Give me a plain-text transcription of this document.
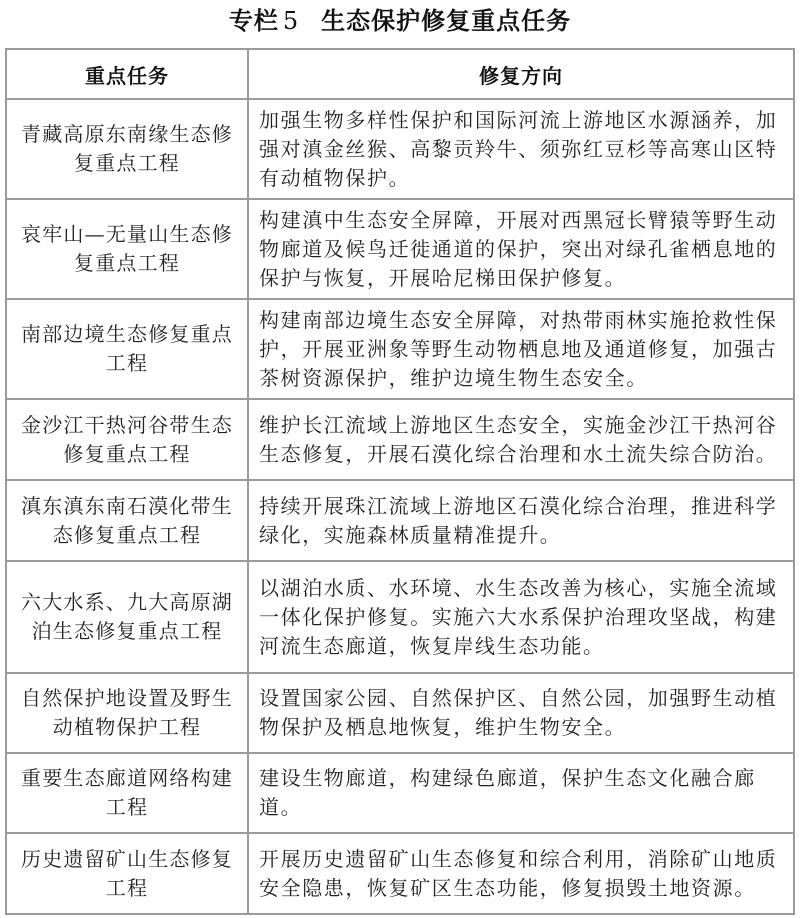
专栏 5 生态保护修复重点任务
重点任务	修复方向

青藏高原东南缘生态修
复重点工程	加强生物多样性保护和国际河流上游地区水源涵养，加
强对滇金丝猴、高黎贡羚牛、须弥红豆杉等高寒山区特
有动植物保护。

哀牢山—无量山生态修
复重点工程	构建滇中生态安全屏障，开展对西黑冠长臂猿等野生动
物廊道及候鸟迁徙通道的保护，突出对绿孔雀栖息地的
保护与恢复，开展哈尼梯田保护修复。

南部边境生态修复重点
工程	构建南部边境生态安全屏障，对热带雨林实施抢救性保
护，开展亚洲象等野生动物栖息地及通道修复，加强古
茶树资源保护，维护边境生物生态安全。

金沙江干热河谷带生态
修复重点工程	维护长江流域上游地区生态安全，实施金沙江干热河谷
生态修复，开展石漠化综合治理和水土流失综合防治。

滇东滇东南石漠化带生
态修复重点工程	持续开展珠江流域上游地区石漠化综合治理，推进科学
绿化，实施森林质量精准提升。

六大水系、九大高原湖
泊生态修复重点工程	以湖泊水质、水环境、水生态改善为核心，实施全流域
一体化保护修复。实施六大水系保护治理攻坚战，构建
河流生态廊道，恢复岸线生态功能。

自然保护地设置及野生
动植物保护工程	设置国家公园、自然保护区、自然公园，加强野生动植
物保护及栖息地恢复，维护生物安全。

重要生态廊道网络构建
工程	建设生物廊道，构建绿色廊道，保护生态文化融合廊道。

历史遗留矿山生态修复
工程	开展历史遗留矿山生态修复和综合利用，消除矿山地质
安全隐患，恢复矿区生态功能，修复损毁土地资源。
